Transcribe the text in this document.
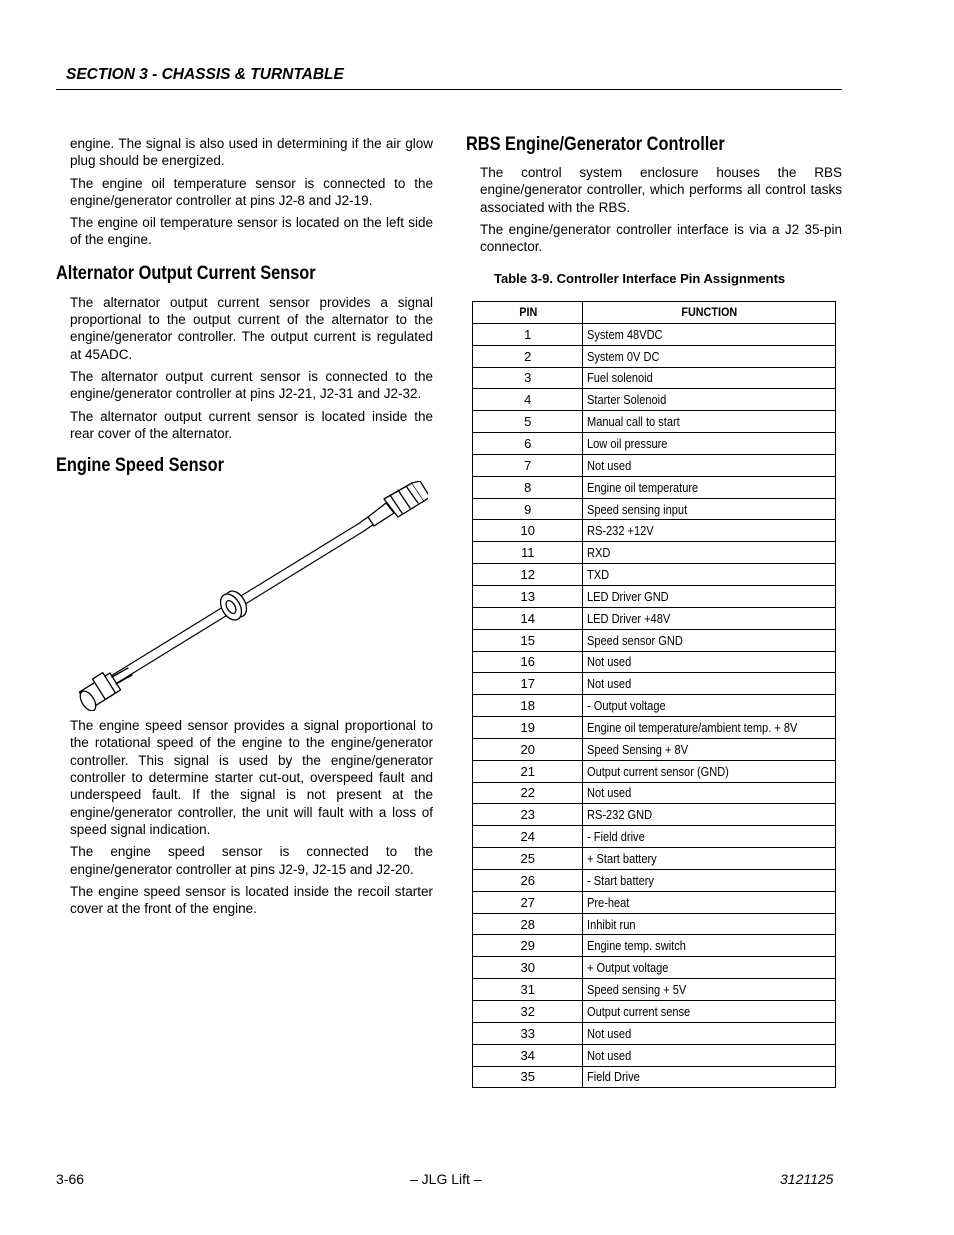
SECTION 3 - CHASSIS & TURNTABLE

engine. The signal is also used in determining if the air glow plug should be energized.

The engine oil temperature sensor is connected to the engine/generator controller at pins J2-8 and J2-19.

The engine oil temperature sensor is located on the left side of the engine.

Alternator Output Current Sensor

The alternator output current sensor provides a signal proportional to the output current of the alternator to the engine/generator controller. The output current is regulated at 45ADC.

The alternator output current sensor is connected to the engine/generator controller at pins J2-21, J2-31 and J2-32.

The alternator output current sensor is located inside the rear cover of the alternator.

Engine Speed Sensor

The engine speed sensor provides a signal proportional to the rotational speed of the engine to the engine/generator controller. This signal is used by the engine/generator controller to determine starter cut-out, overspeed fault and underspeed fault. If the signal is not present at the engine/generator controller, the unit will fault with a loss of speed signal indication.

The engine speed sensor is connected to the engine/generator controller at pins J2-9, J2-15 and J2-20.

The engine speed sensor is located inside the recoil starter cover at the front of the engine.

RBS Engine/Generator Controller

The control system enclosure houses the RBS engine/generator controller, which performs all control tasks associated with the RBS.

The engine/generator controller interface is via a J2 35-pin connector.

Table 3-9. Controller Interface Pin Assignments
PIN	FUNCTION
1	System 48VDC
2	System 0V DC
3	Fuel solenoid
4	Starter Solenoid
5	Manual call to start
6	Low oil pressure
7	Not used
8	Engine oil temperature
9	Speed sensing input
10	RS-232 +12V
11	RXD
12	TXD
13	LED Driver GND
14	LED Driver +48V
15	Speed sensor GND
16	Not used
17	Not used
18	- Output voltage
19	Engine oil temperature/ambient temp. + 8V
20	Speed Sensing + 8V
21	Output current sensor (GND)
22	Not used
23	RS-232 GND
24	- Field drive
25	+ Start battery
26	- Start battery
27	Pre-heat
28	Inhibit run
29	Engine temp. switch
30	+ Output voltage
31	Speed sensing + 5V
32	Output current sense
33	Not used
34	Not used
35	Field Drive
3-66	– JLG Lift –	3121125
